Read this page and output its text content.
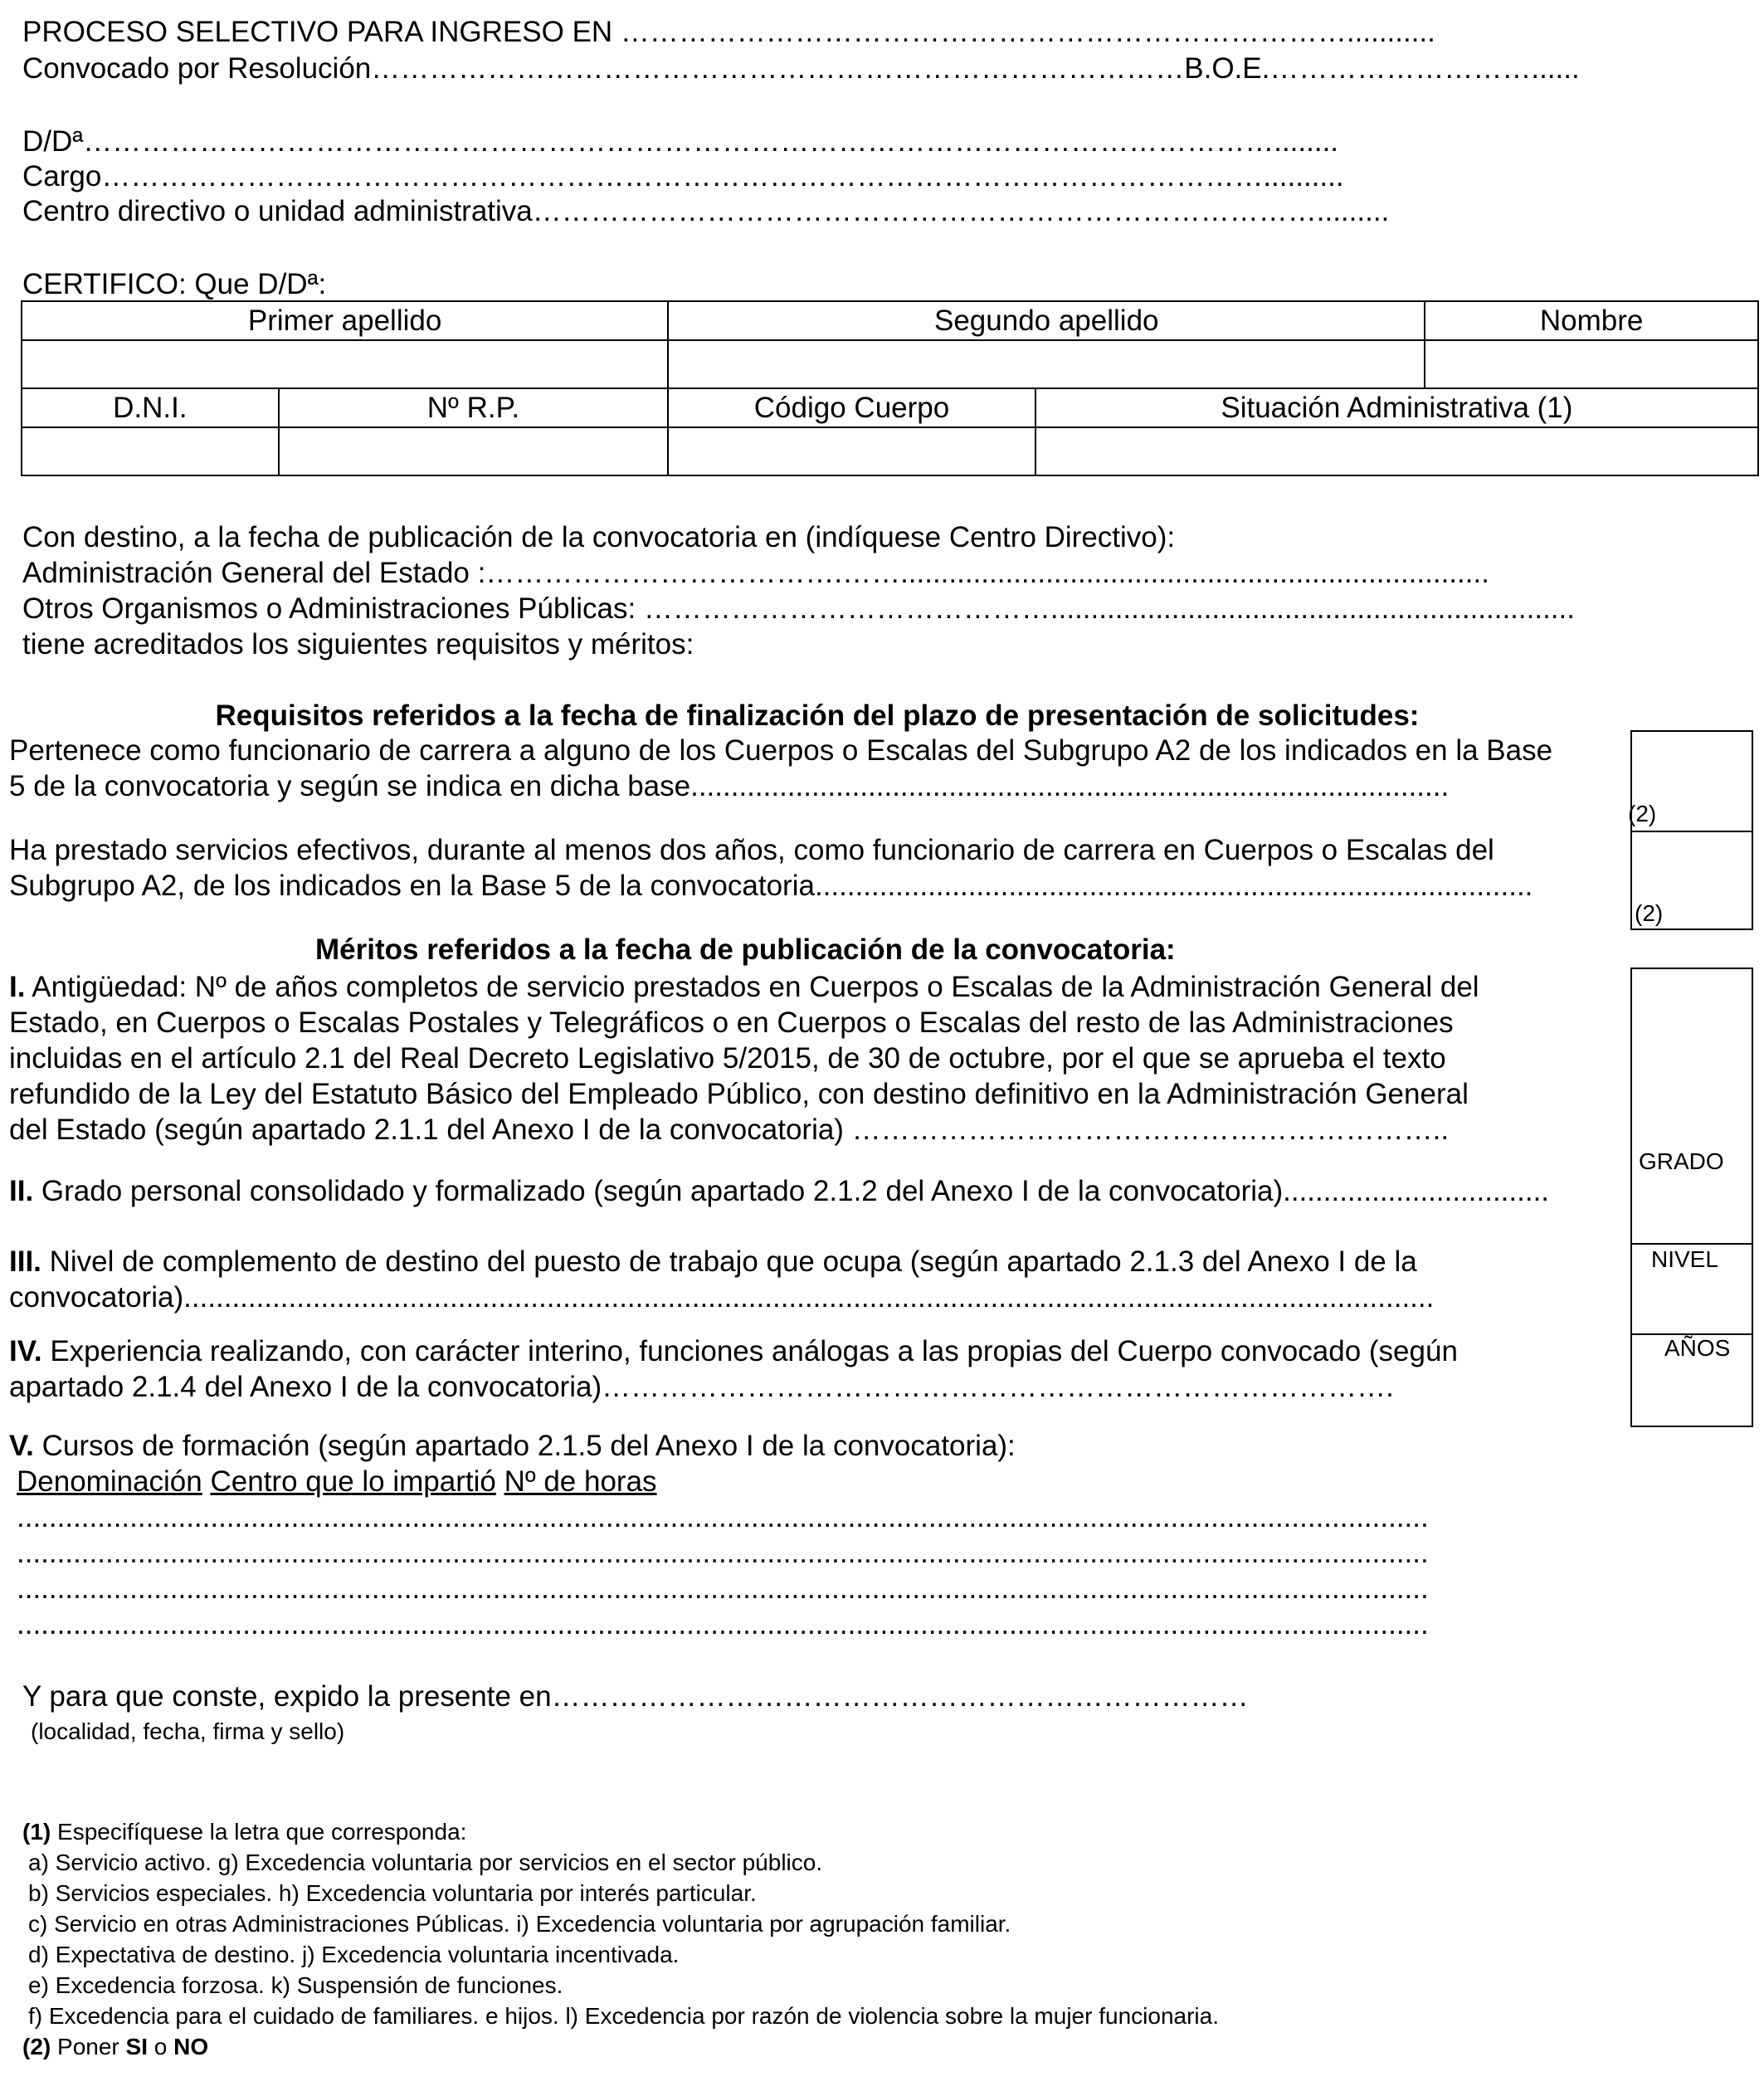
PROCESO SELECTIVO PARA INGRESO EN …………………………………………………………………...........
Convocado por Resolución…………………………………………………………………………B.O.E.………………………......
D/Dª……………………………………………………………………………………………………………........
Cargo…………………………………………………………………………………………………………..........
Centro directivo o unidad administrativa……………………………………………………………………….........
CERTIFICO: Que D/Dª:
Primer apellido		Segundo apellido		Nombre

D.N.I.	Nº R.P.	Código Cuerpo	Situación Administrativa (1)	

Con destino, a la fecha de publicación de la convocatoria en (indíquese Centro Directivo):
Administración General del Estado :……………………………….…….........................................................................
Otros Organismos o Administraciones Públicas: …………………………………….................................................................
tiene acreditados los siguientes requisitos y méritos:
Requisitos referidos a la fecha de finalización del plazo de presentación de solicitudes:
Pertenece como funcionario de carrera a alguno de los Cuerpos o Escalas del Subgrupo A2 de los indicados en la Base
5 de la convocatoria y según se indica en dicha base..............................................................................................
Ha prestado servicios efectivos, durante al menos dos años, como funcionario de carrera en Cuerpos o Escalas del
Subgrupo A2, de los indicados en la Base 5 de la convocatoria.........................................................................................
(2)
(2)
Méritos referidos a la fecha de publicación de la convocatoria:
I. Antigüedad: Nº de años completos de servicio prestados en Cuerpos o Escalas de la Administración General del
Estado, en Cuerpos o Escalas Postales y Telegráficos o en Cuerpos o Escalas del resto de las Administraciones
incluidas en el artículo 2.1 del Real Decreto Legislativo 5/2015, de 30 de octubre, por el que se aprueba el texto
refundido de la Ley del Estatuto Básico del Empleado Público, con destino definitivo en la Administración General
del Estado (según apartado 2.1.1 del Anexo I de la convocatoria) ……………………………………………………..
II. Grado personal consolidado y formalizado (según apartado 2.1.2 del Anexo I de la convocatoria).................................
III. Nivel de complemento de destino del puesto de trabajo que ocupa (según apartado 2.1.3 del Anexo I de la
convocatoria)...........................................................................................................................................................
IV. Experiencia realizando, con carácter interino, funciones análogas a las propias del Cuerpo convocado (según
apartado 2.1.4 del Anexo I de la convocatoria)……………………………………………………………………….
V. Cursos de formación (según apartado 2.1.5 del Anexo I de la convocatoria):
Denominación Centro que lo impartió Nº de horas
...............................................................................................................................................................................
...............................................................................................................................................................................
...............................................................................................................................................................................
...............................................................................................................................................................................
GRADO
NIVEL
AÑOS
Y para que conste, expido la presente en………………………………………………………………
(localidad, fecha, firma y sello)
(1) Especifíquese la letra que corresponda:
a) Servicio activo. g) Excedencia voluntaria por servicios en el sector público.
b) Servicios especiales. h) Excedencia voluntaria por interés particular.
c) Servicio en otras Administraciones Públicas. i) Excedencia voluntaria por agrupación familiar.
d) Expectativa de destino. j) Excedencia voluntaria incentivada.
e) Excedencia forzosa. k) Suspensión de funciones.
f) Excedencia para el cuidado de familiares. e hijos. l) Excedencia por razón de violencia sobre la mujer funcionaria.
(2) Poner SI o NO
